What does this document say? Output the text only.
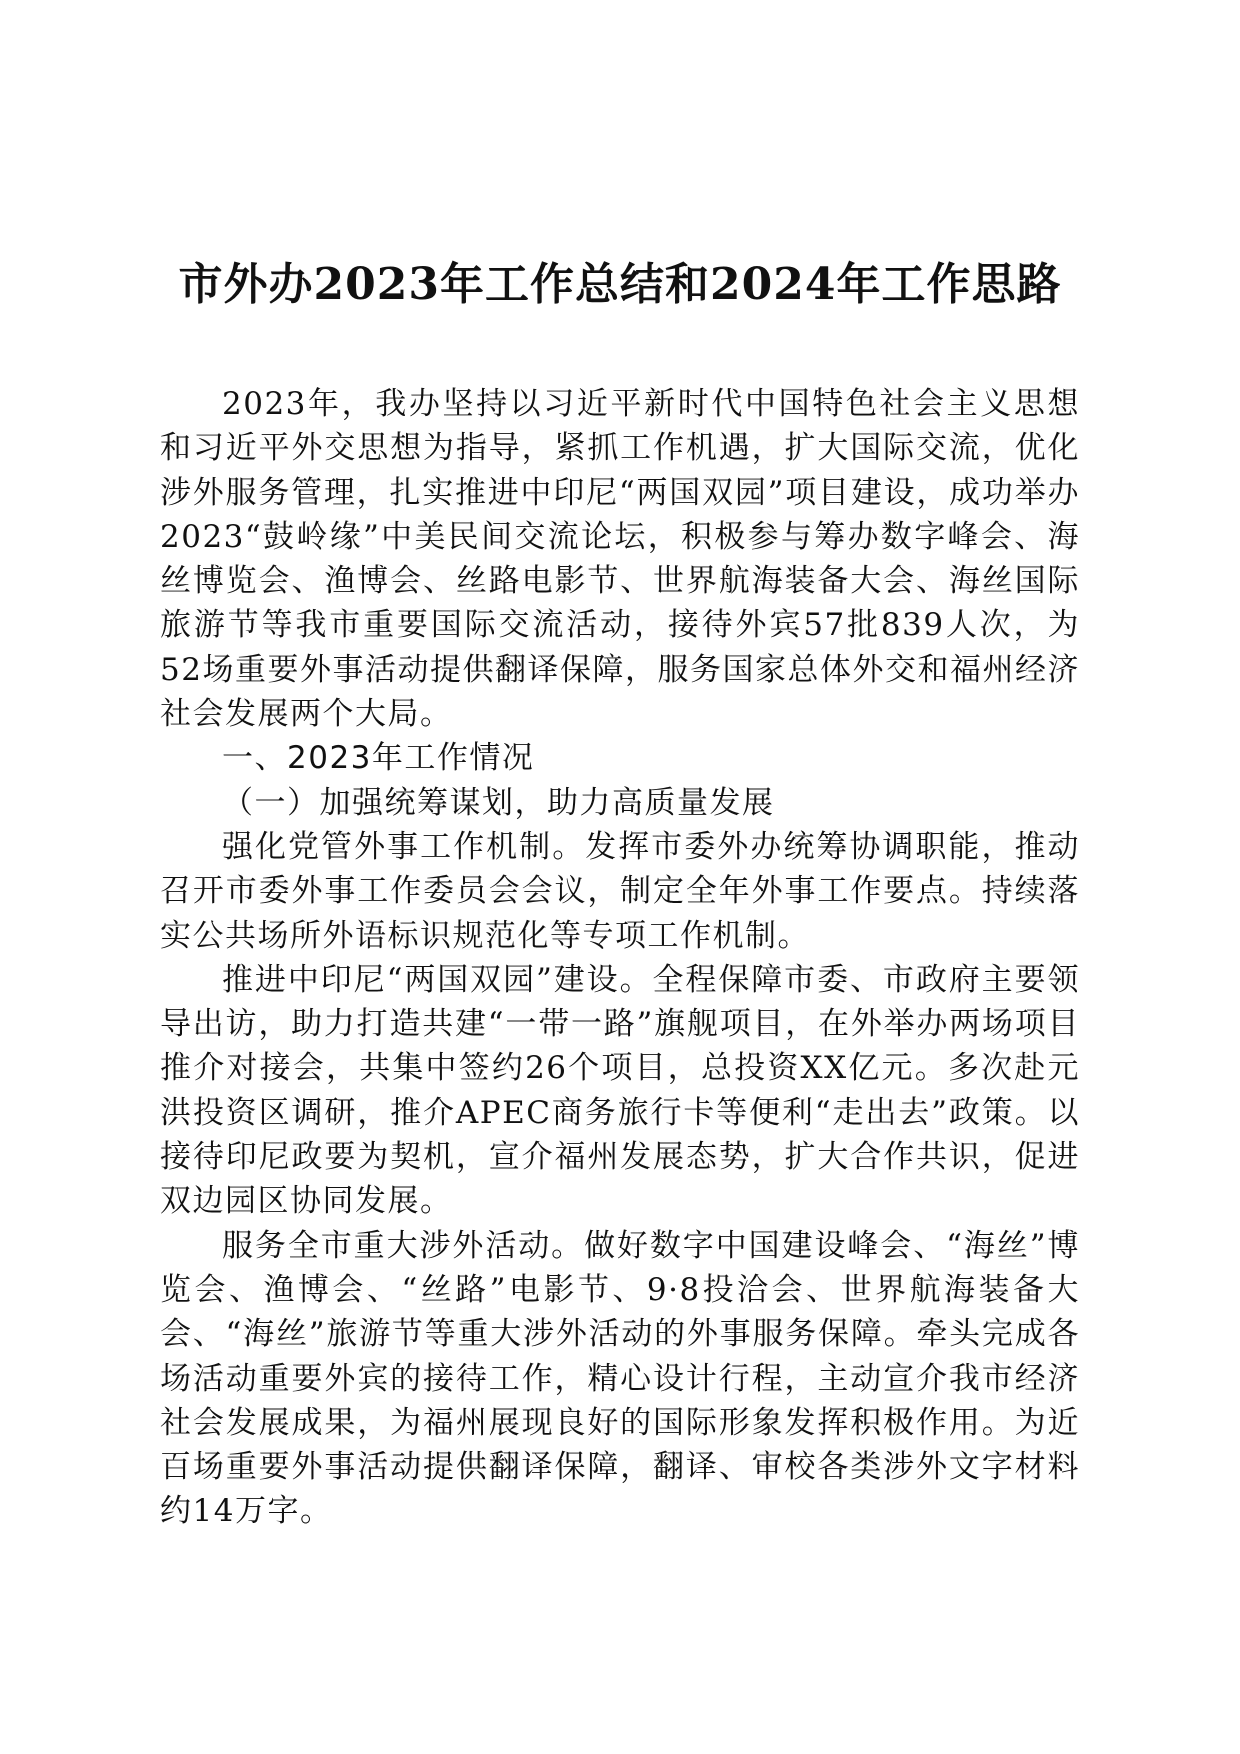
市外办2023年工作总结和2024年工作思路

2023年，我办坚持以习近平新时代中国特色社会主义思想和习近平外交思想为指导，紧抓工作机遇，扩大国际交流，优化涉外服务管理，扎实推进中印尼“两国双园”项目建设，成功举办2023“鼓岭缘”中美民间交流论坛，积极参与筹办数字峰会、海丝博览会、渔博会、丝路电影节、世界航海装备大会、海丝国际旅游节等我市重要国际交流活动，接待外宾57批839人次，为52场重要外事活动提供翻译保障，服务国家总体外交和福州经济社会发展两个大局。

一、2023年工作情况

（一）加强统筹谋划，助力高质量发展

强化党管外事工作机制。发挥市委外办统筹协调职能，推动召开市委外事工作委员会会议，制定全年外事工作要点。持续落实公共场所外语标识规范化等专项工作机制。

推进中印尼“两国双园”建设。全程保障市委、市政府主要领导出访，助力打造共建“一带一路”旗舰项目，在外举办两场项目推介对接会，共集中签约26个项目，总投资XX亿元。多次赴元洪投资区调研，推介APEC商务旅行卡等便利“走出去”政策。以接待印尼政要为契机，宣介福州发展态势，扩大合作共识，促进双边园区协同发展。

服务全市重大涉外活动。做好数字中国建设峰会、“海丝”博览会、渔博会、“丝路”电影节、9·8投洽会、世界航海装备大会、“海丝”旅游节等重大涉外活动的外事服务保障。牵头完成各场活动重要外宾的接待工作，精心设计行程，主动宣介我市经济社会发展成果，为福州展现良好的国际形象发挥积极作用。为近百场重要外事活动提供翻译保障，翻译、审校各类涉外文字材料约14万字。
